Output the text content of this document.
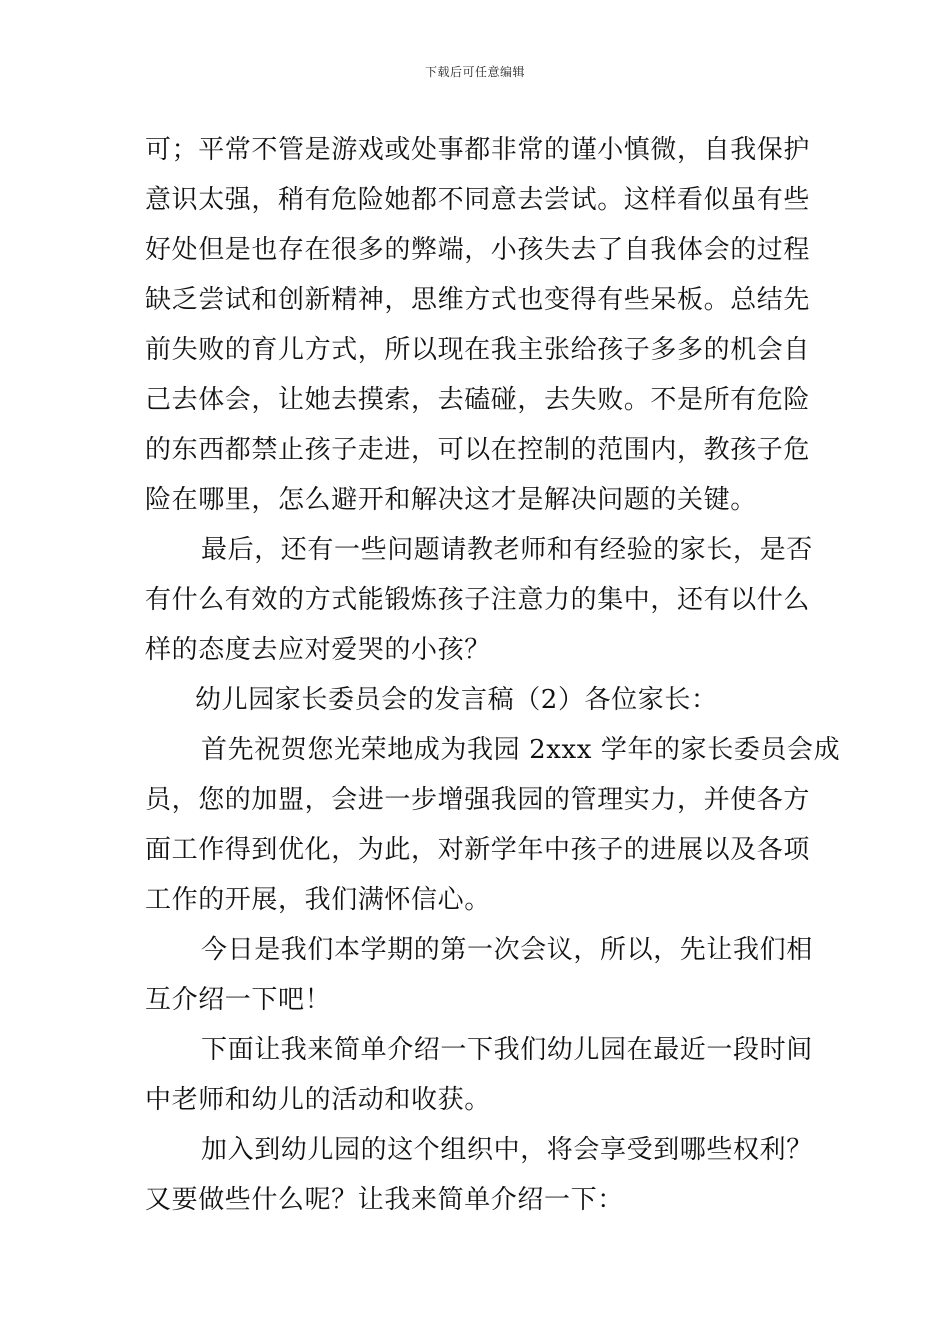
下载后可任意编辑
可；平常不管是游戏或处事都非常的谨小慎微，自我保护
意识太强，稍有危险她都不同意去尝试。这样看似虽有些
好处但是也存在很多的弊端，小孩失去了自我体会的过程
缺乏尝试和创新精神，思维方式也变得有些呆板。总结先
前失败的育儿方式，所以现在我主张给孩子多多的机会自
己去体会，让她去摸索，去磕碰，去失败。不是所有危险
的东西都禁止孩子走进，可以在控制的范围内，教孩子危
险在哪里，怎么避开和解决这才是解决问题的关键。
最后，还有一些问题请教老师和有经验的家长，是否
有什么有效的方式能锻炼孩子注意力的集中，还有以什么
样的态度去应对爱哭的小孩？
幼儿园家长委员会的发言稿（2）各位家长：
首先祝贺您光荣地成为我园 2xxx 学年的家长委员会成
员，您的加盟，会进一步增强我园的管理实力，并使各方
面工作得到优化，为此，对新学年中孩子的进展以及各项
工作的开展，我们满怀信心。
今日是我们本学期的第一次会议，所以，先让我们相
互介绍一下吧！
下面让我来简单介绍一下我们幼儿园在最近一段时间
中老师和幼儿的活动和收获。
加入到幼儿园的这个组织中，将会享受到哪些权利？
又要做些什么呢？让我来简单介绍一下：
